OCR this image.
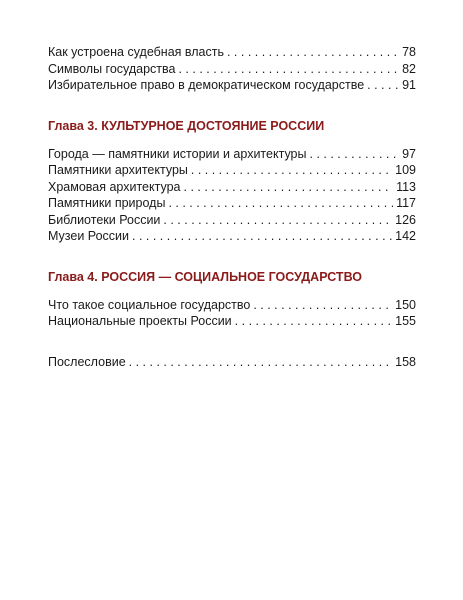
Как устроена судебная власть . . .	78
Символы государства . . .	82
Избирательное право в демократическом государстве . . .	91
Глава 3. КУЛЬТУРНОЕ ДОСТОЯНИЕ РОССИИ
Города — памятники истории и архитектуры . . .	97
Памятники архитектуры . . .	109
Храмовая архитектура . . .	113
Памятники природы . . .	117
Библиотеки России . . .	126
Музеи России . . .	142
Глава 4. РОССИЯ — СОЦИАЛЬНОЕ ГОСУДАРСТВО
Что такое социальное государство . . .	150
Национальные проекты России . . .	155
Послесловие . . .	158
